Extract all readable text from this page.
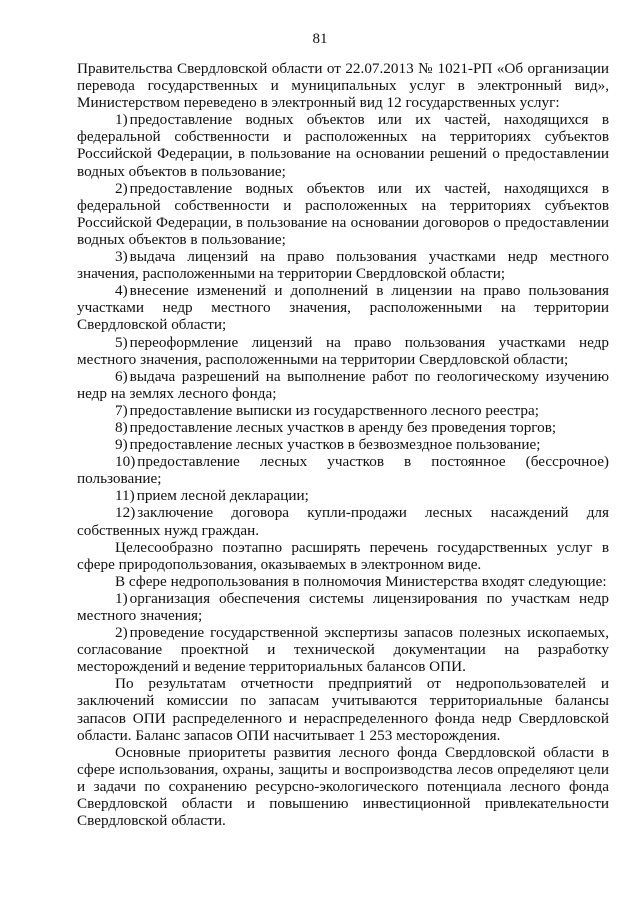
81

Правительства Свердловской области от 22.07.2013 № 1021-РП «Об организации перевода государственных и муниципальных услуг в электронный вид», Министерством переведено в электронный вид 12 государственных услуг:

1) предоставление водных объектов или их частей, находящихся в федеральной собственности и расположенных на территориях субъектов Российской Федерации, в пользование на основании решений о предоставлении водных объектов в пользование;

2) предоставление водных объектов или их частей, находящихся в федеральной собственности и расположенных на территориях субъектов Российской Федерации, в пользование на основании договоров о предоставлении водных объектов в пользование;

3) выдача лицензий на право пользования участками недр местного значения, расположенными на территории Свердловской области;

4) внесение изменений и дополнений в лицензии на право пользования участками недр местного значения, расположенными на территории Свердловской области;

5) переоформление лицензий на право пользования участками недр местного значения, расположенными на территории Свердловской области;

6) выдача разрешений на выполнение работ по геологическому изучению недр на землях лесного фонда;

7) предоставление выписки из государственного лесного реестра;

8) предоставление лесных участков в аренду без проведения торгов;

9) предоставление лесных участков в безвозмездное пользование;

10) предоставление лесных участков в постоянное (бессрочное) пользование;

11) прием лесной декларации;

12) заключение договора купли-продажи лесных насаждений для собственных нужд граждан.

Целесообразно поэтапно расширять перечень государственных услуг в сфере природопользования, оказываемых в электронном виде.

В сфере недропользования в полномочия Министерства входят следующие:

1) организация обеспечения системы лицензирования по участкам недр местного значения;

2) проведение государственной экспертизы запасов полезных ископаемых, согласование проектной и технической документации на разработку месторождений и ведение территориальных балансов ОПИ.

По результатам отчетности предприятий от недропользователей и заключений комиссии по запасам учитываются территориальные балансы запасов ОПИ распределенного и нераспределенного фонда недр Свердловской области. Баланс запасов ОПИ насчитывает 1 253 месторождения.

Основные приоритеты развития лесного фонда Свердловской области в сфере использования, охраны, защиты и воспроизводства лесов определяют цели и задачи по сохранению ресурсно-экологического потенциала лесного фонда Свердловской области и повышению инвестиционной привлекательности Свердловской области.
